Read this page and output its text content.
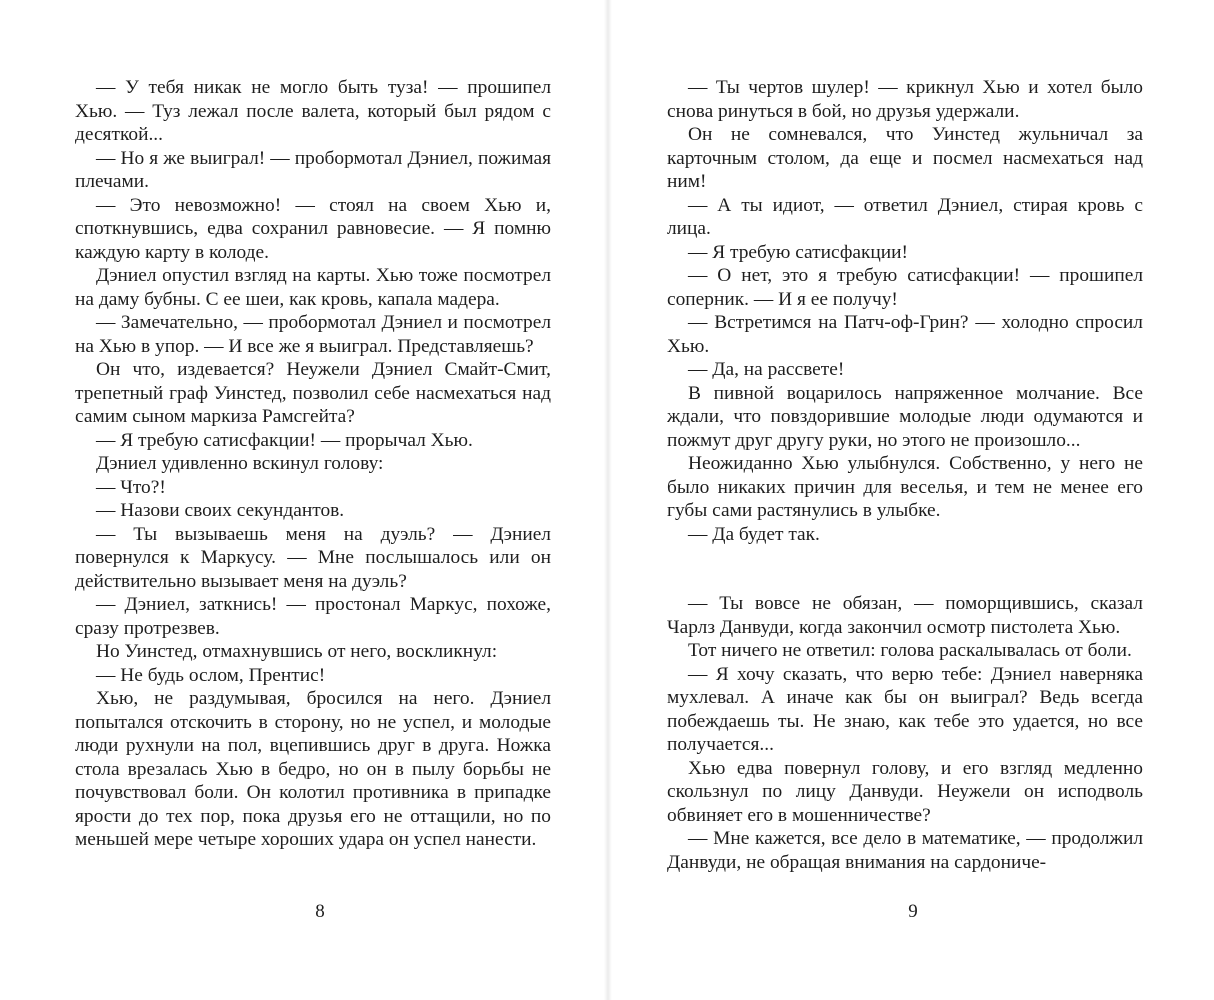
— У тебя никак не могло быть туза! — прошипел Хью. — Туз лежал после валета, который был рядом с десяткой...

— Но я же выиграл! — пробормотал Дэниел, пожимая плечами.

— Это невозможно! — стоял на своем Хью и, споткнувшись, едва сохранил равновесие. — Я помню каждую карту в колоде.

Дэниел опустил взгляд на карты. Хью тоже посмотрел на даму бубны. С ее шеи, как кровь, капала мадера.

— Замечательно, — пробормотал Дэниел и посмотрел на Хью в упор. — И все же я выиграл. Представляешь?

Он что, издевается? Неужели Дэниел Смайт-Смит, трепетный граф Уинстед, позволил себе насмехаться над самим сыном маркиза Рамсгейта?

— Я требую сатисфакции! — прорычал Хью.

Дэниел удивленно вскинул голову:

— Что?!

— Назови своих секундантов.

— Ты вызываешь меня на дуэль? — Дэниел повернулся к Маркусу. — Мне послышалось или он действительно вызывает меня на дуэль?

— Дэниел, заткнись! — простонал Маркус, похоже, сразу протрезвев.

Но Уинстед, отмахнувшись от него, воскликнул:

— Не будь ослом, Прентис!

Хью, не раздумывая, бросился на него. Дэниел попытался отскочить в сторону, но не успел, и молодые люди рухнули на пол, вцепившись друг в друга. Ножка стола врезалась Хью в бедро, но он в пылу борьбы не почувствовал боли. Он колотил противника в припадке ярости до тех пор, пока друзья его не оттащили, но по меньшей мере четыре хороших удара он успел нанести.

8

— Ты чертов шулер! — крикнул Хью и хотел было снова ринуться в бой, но друзья удержали.

Он не сомневался, что Уинстед жульничал за карточным столом, да еще и посмел насмехаться над ним!

— А ты идиот, — ответил Дэниел, стирая кровь с лица.

— Я требую сатисфакции!

— О нет, это я требую сатисфакции! — прошипел соперник. — И я ее получу!

— Встретимся на Патч-оф-Грин? — холодно спросил Хью.

— Да, на рассвете!

В пивной воцарилось напряженное молчание. Все ждали, что повздорившие молодые люди одумаются и пожмут друг другу руки, но этого не произошло...

Неожиданно Хью улыбнулся. Собственно, у него не было никаких причин для веселья, и тем не менее его губы сами растянулись в улыбке.

— Да будет так.

— Ты вовсе не обязан, — поморщившись, сказал Чарлз Данвуди, когда закончил осмотр пистолета Хью.

Тот ничего не ответил: голова раскалывалась от боли.

— Я хочу сказать, что верю тебе: Дэниел наверняка мухлевал. А иначе как бы он выиграл? Ведь всегда побеждаешь ты. Не знаю, как тебе это удается, но все получается...

Хью едва повернул голову, и его взгляд медленно скользнул по лицу Данвуди. Неужели он исподволь обвиняет его в мошенничестве?

— Мне кажется, все дело в математике, — продолжил Данвуди, не обращая внимания на сардониче-

9
